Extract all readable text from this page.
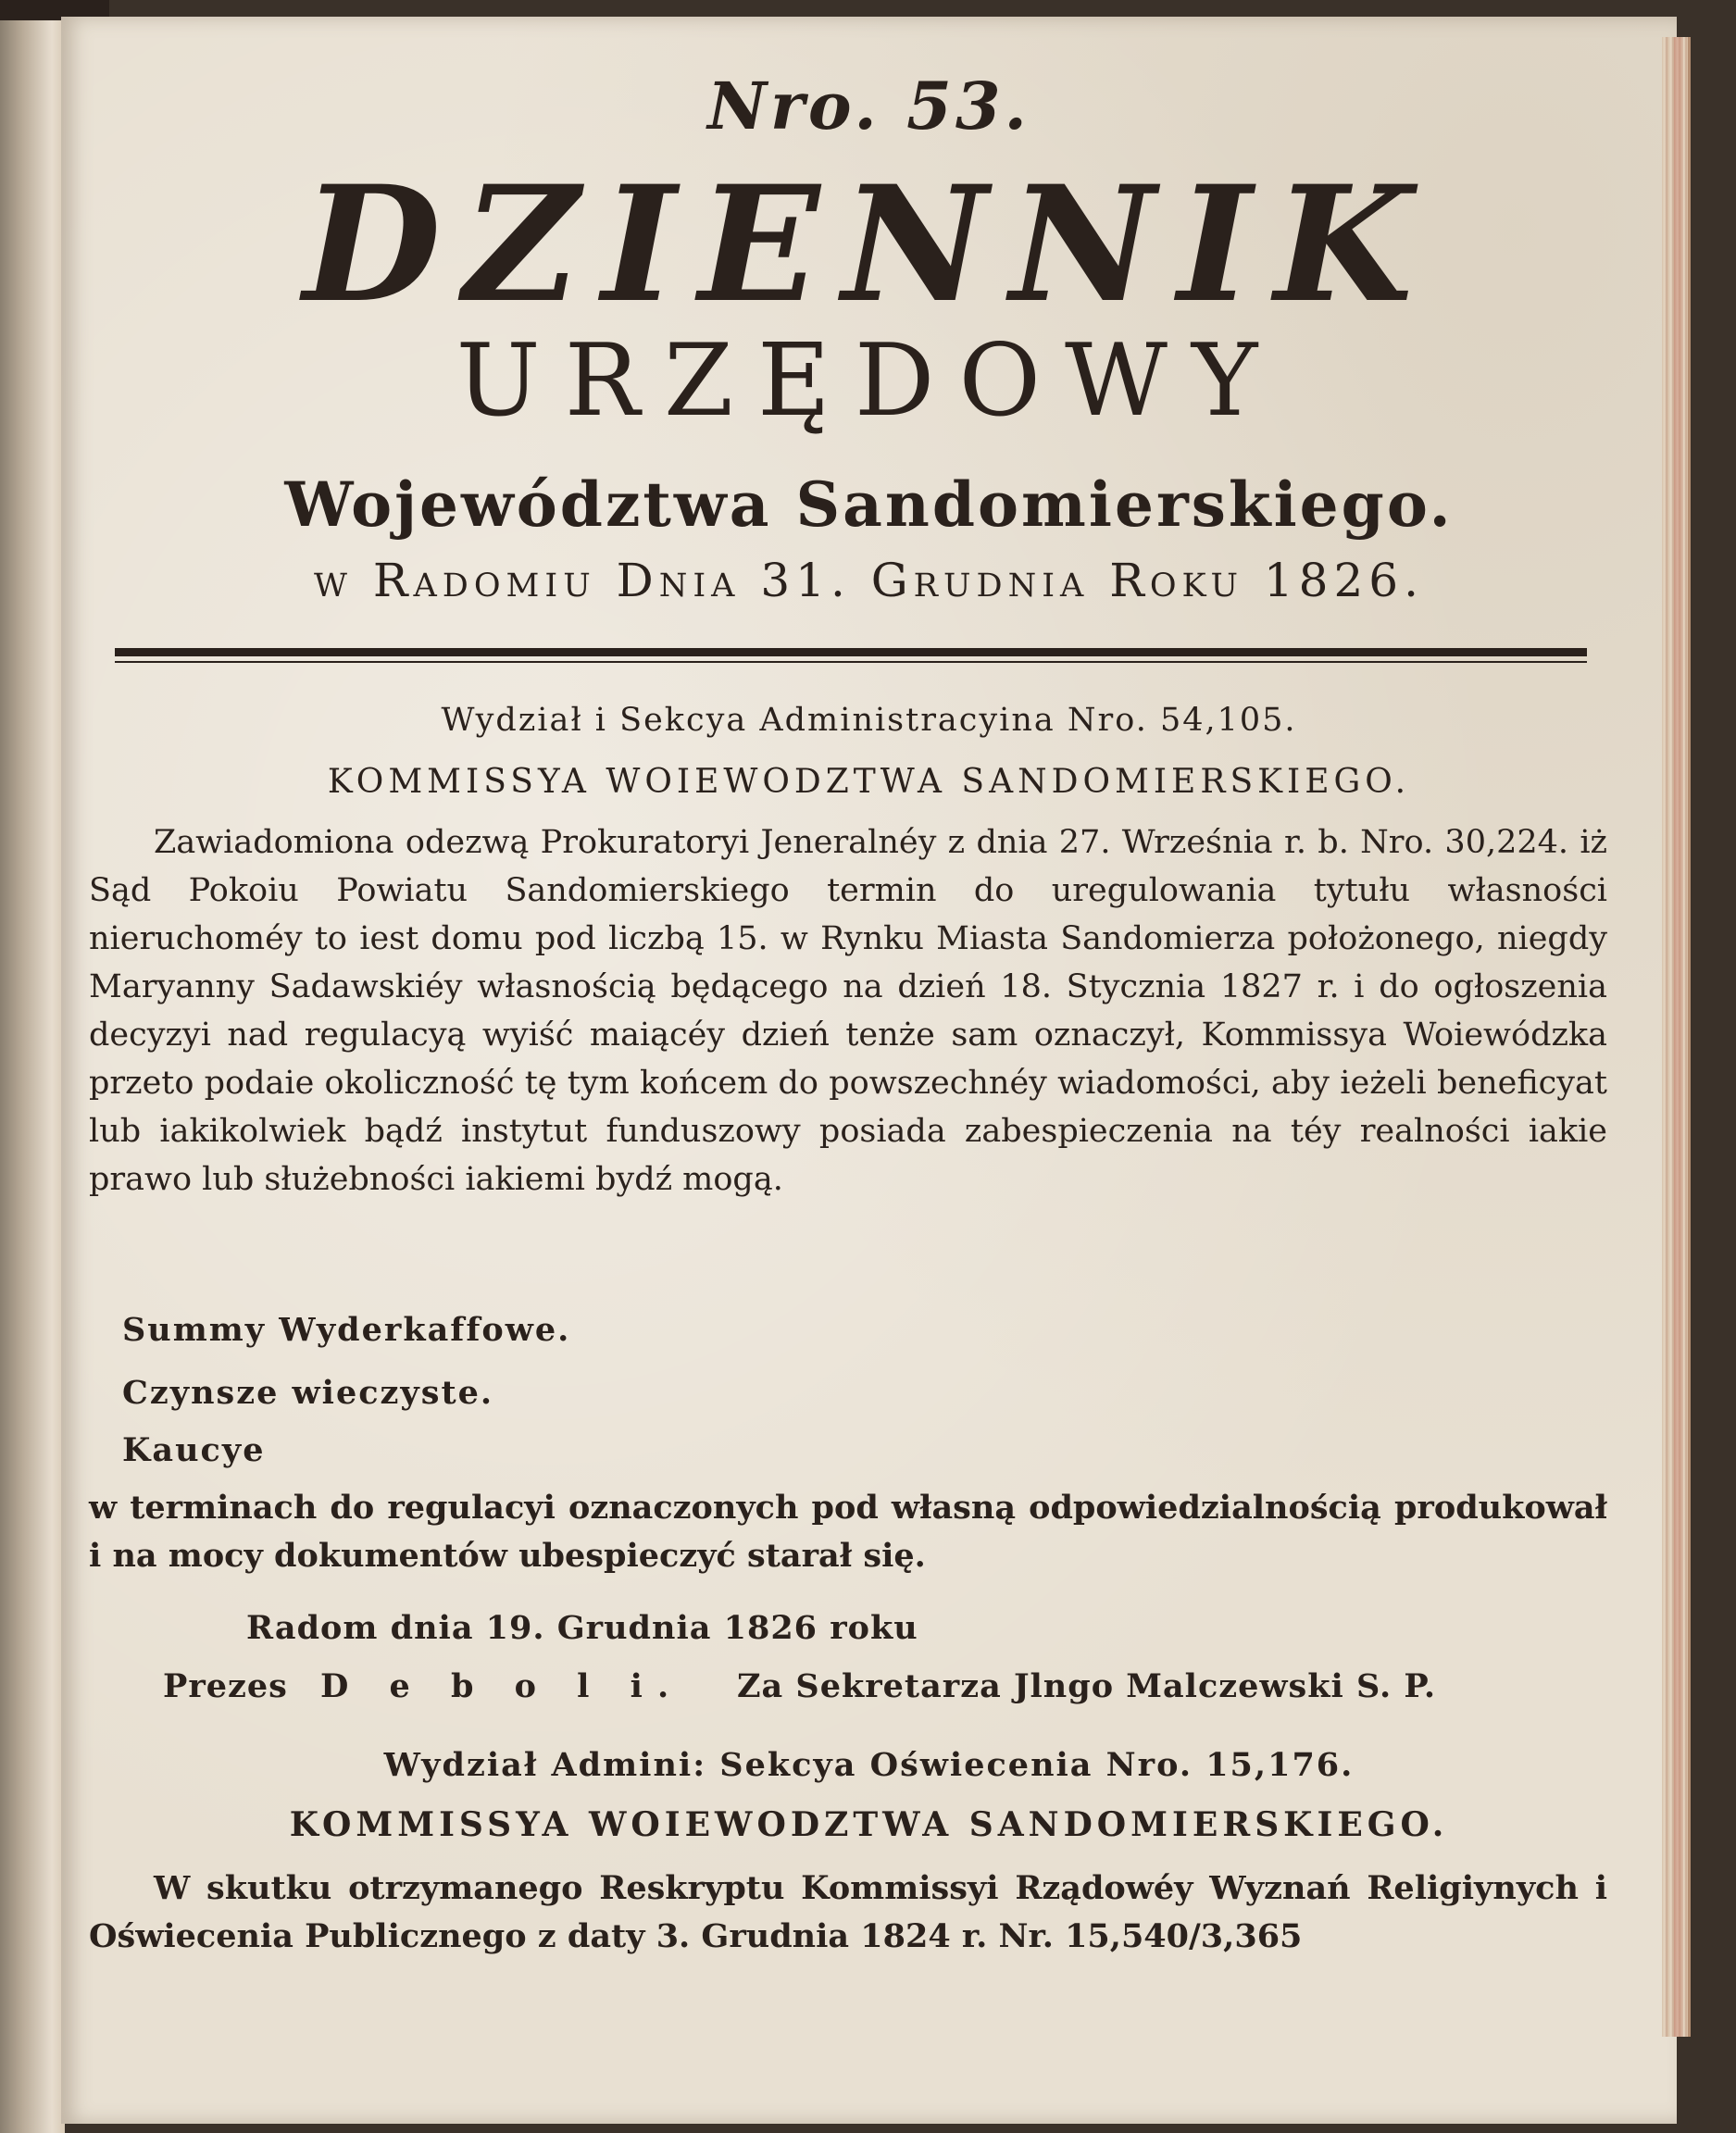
Nro. 53.
DZIENNIK
URZĘDOWY
Województwa Sandomierskiego.
w Radomiu Dnia 31. Grudnia Roku 1826.
Wydział i Sekcya Administracyina Nro. 54,105.
KOMMISSYA WOIEWODZTWA SANDOMIERSKIEGO.
Zawiadomiona odezwą Prokuratoryi Jeneralnéy z dnia 27. Września r. b. Nro. 30,224. iż Sąd Pokoiu Powiatu Sandomierskiego termin do uregulowania tytułu własności nieruchoméy to iest domu pod liczbą 15. w Rynku Miasta Sandomierza położonego, niegdy Maryanny Sadawskiéy własnością będącego na dzień 18. Stycznia 1827 r. i do ogłoszenia decyzyi nad regulacyą wyiść maiącéy dzień tenże sam oznaczył, Kommissya Woiewódzka przeto podaie okoliczność tę tym końcem do powszechnéy wiadomości, aby ieżeli beneficyat lub iakikolwiek bądź instytut funduszowy posiada zabespieczenia na téy realności iakie prawo lub służebności iakiemi bydź mogą.
Summy Wyderkaffowe.
Czynsze wieczyste.
Kaucye
w terminach do regulacyi oznaczonych pod własną odpowiedzialnością produkował i na mocy dokumentów ubespieczyć starał się.
Radom dnia 19. Grudnia 1826 roku
Prezes D e b o l i. Za Sekretarza Jlngo Malczewski S. P.
Wydział Admini: Sekcya Oświecenia Nro. 15,176.
KOMMISSYA WOIEWODZTWA SANDOMIERSKIEGO.
W skutku otrzymanego Reskryptu Kommissyi Rządowéy Wyznań Religiynych i Oświecenia Publicznego z daty 3. Grudnia 1824 r. Nr. 15,540/3,365
